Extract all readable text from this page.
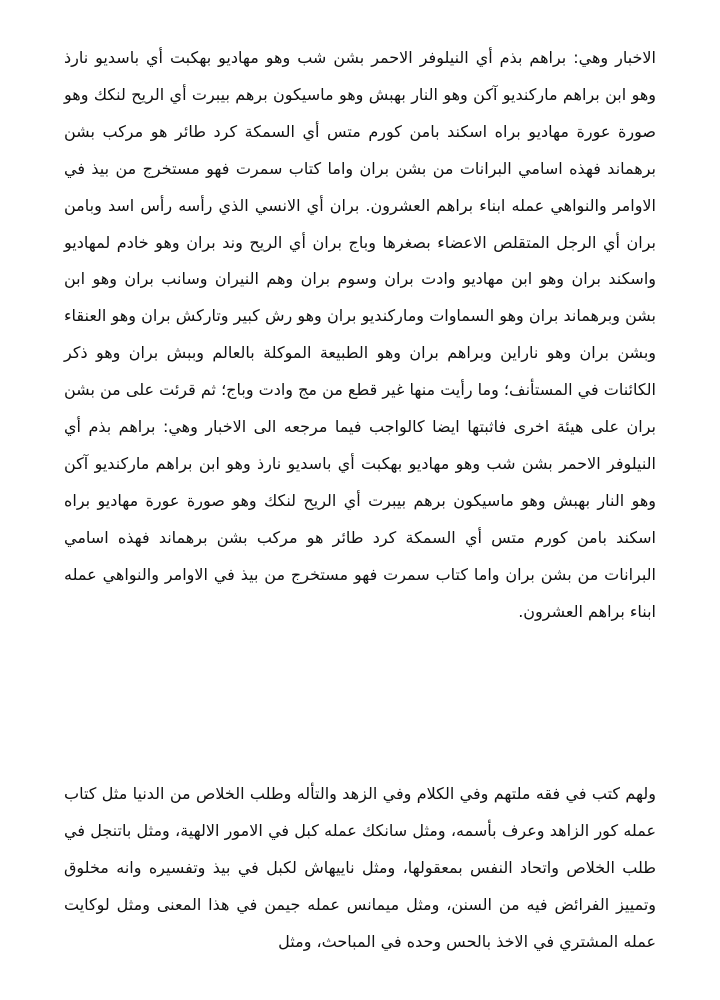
الاخبار وهي: براهم بذم أي النيلوفر الاحمر بشن شب وهو مهاديو بهكبت أي باسديو نارذ وهو ابن براهم ماركنديو آكن وهو النار بهبش وهو ماسيكون برهم بيبرت أي الريح لنكك وهو صورة عورة مهاديو براه اسكند بامن كورم متس أي السمكة كرد طائر هو مركب بشن برهماند فهذه اسامي البرانات من بشن بران واما كتاب سمرت فهو مستخرج من بيذ في الاوامر والنواهي عمله ابناء براهم العشرون. بران أي الانسي الذي رأسه رأس اسد وبامن بران أي الرجل المتقلص الاعضاء بصغرها وباج بران أي الريح وند بران وهو خادم لمهاديو واسكند بران وهو ابن مهاديو وادت بران وسوم بران وهم النيران وسانب بران وهو ابن بشن وبرهماند بران وهو السماوات وماركنديو بران وهو رش كبير وتاركش بران وهو العنقاء وبشن بران وهو ناراين وبراهم بران وهو الطبيعة الموكلة بالعالم وببش بران وهو ذكر الكائنات في المستأنف؛ وما رأيت منها غير قطع من مج وادت وباج؛ ثم قرئت على من بشن بران على هيئة اخرى فاثبتها ايضا كالواجب فيما مرجعه الى الاخبار وهي: براهم بذم أي النيلوفر الاحمر بشن شب وهو مهاديو بهكبت أي باسديو نارذ وهو ابن براهم ماركنديو آكن وهو النار بهبش وهو ماسيكون برهم بيبرت أي الريح لنكك وهو صورة عورة مهاديو براه اسكند بامن كورم متس أي السمكة كرد طائر هو مركب بشن برهماند فهذه اسامي البرانات من بشن بران واما كتاب سمرت فهو مستخرج من بيذ في الاوامر والنواهي عمله ابناء براهم العشرون.

ولهم كتب في فقه ملتهم وفي الكلام وفي الزهد والتأله وطلب الخلاص من الدنيا مثل كتاب عمله كور الزاهد وعرف بأسمه، ومثل سانكك عمله كبل في الامور الالهية، ومثل باتنجل في طلب الخلاص واتحاد النفس بمعقولها، ومثل ناييهاش لكبل في بيذ وتفسيره وانه مخلوق وتمييز الفرائض فيه من السنن، ومثل ميمانس عمله جيمن في هذا المعنى ومثل لوكايت عمله المشتري في الاخذ بالحس وحده في المباحث، ومثل
